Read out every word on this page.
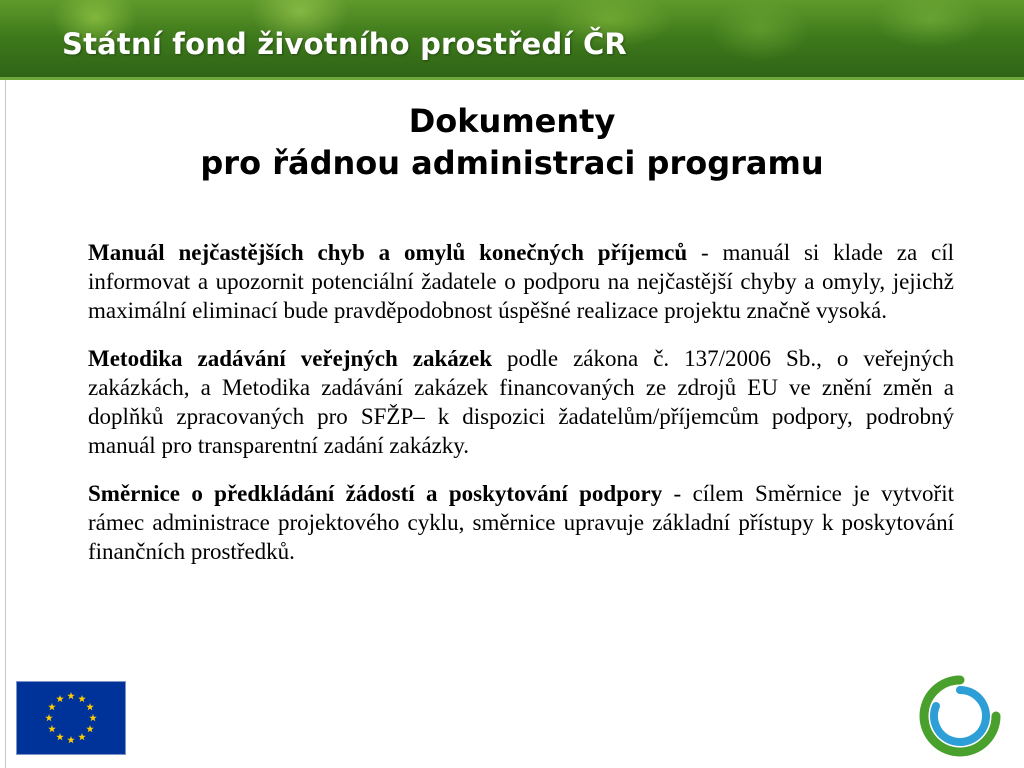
Státní fond životního prostředí ČR
Dokumenty
pro řádnou administraci programu

Manuál nejčastějších chyb a omylů konečných příjemců - manuál si klade za cíl informovat a upozornit potenciální žadatele o podporu na nejčastější chyby a omyly, jejichž maximální eliminací bude pravděpodobnost úspěšné realizace projektu značně vysoká.

Metodika zadávání veřejných zakázek podle zákona č. 137/2006 Sb., o veřejných zakázkách, a Metodika zadávání zakázek financovaných ze zdrojů EU ve znění změn a doplňků zpracovaných pro SFŽP– k dispozici žadatelům/příjemcům podpory, podrobný manuál pro transparentní zadání zakázky.

Směrnice o předkládání žádostí a poskytování podpory - cílem Směrnice je vytvořit rámec administrace projektového cyklu, směrnice upravuje základní přístupy k poskytování finančních prostředků.
